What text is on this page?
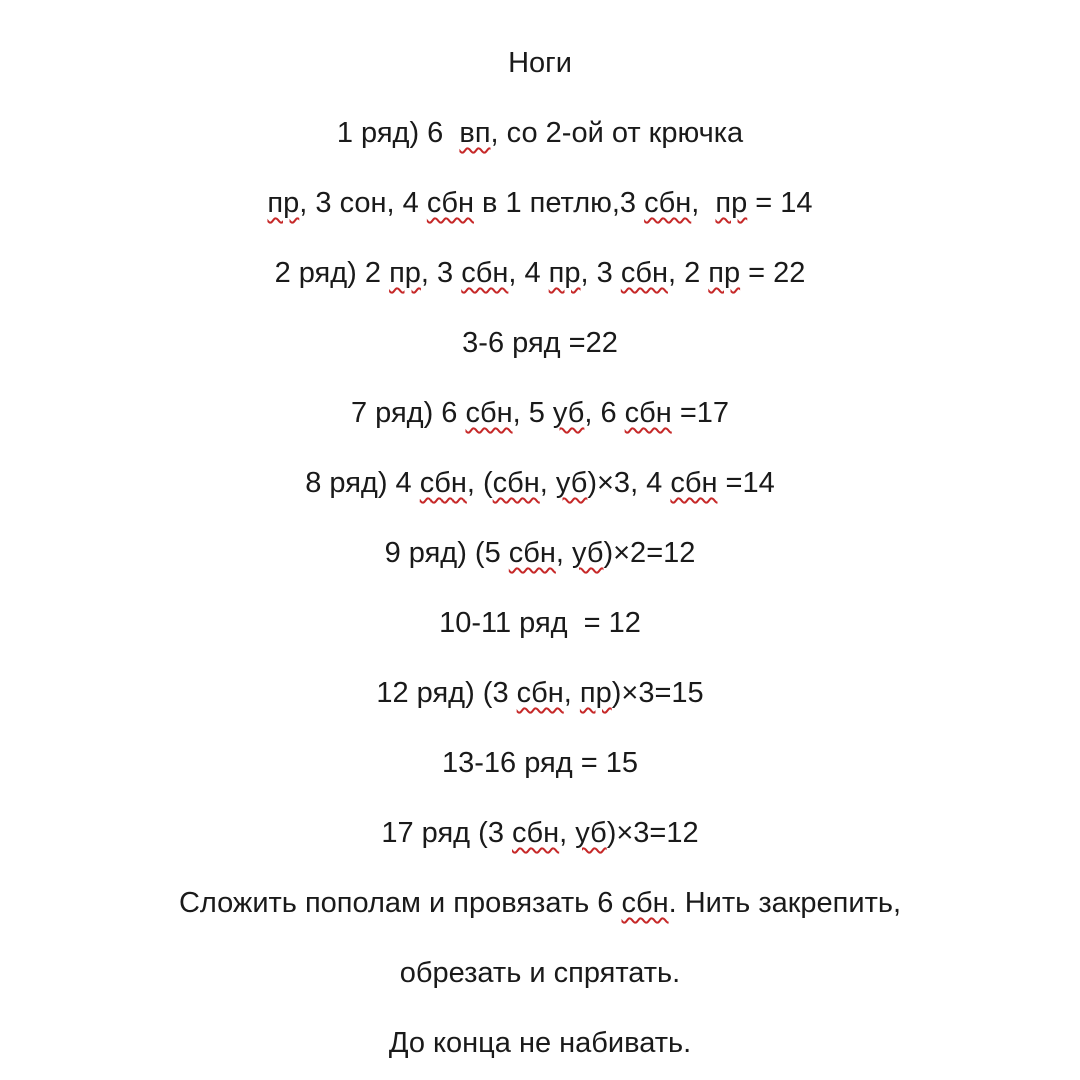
Ноги
1 ряд) 6  вп, со 2-ой от крючка
пр, 3 сон, 4 сбн в 1 петлю,3 сбн,  пр = 14
2 ряд) 2 пр, 3 сбн, 4 пр, 3 сбн, 2 пр = 22
3-6 ряд =22
7 ряд) 6 сбн, 5 уб, 6 сбн =17
8 ряд) 4 сбн, (сбн, уб)×3, 4 сбн =14
9 ряд) (5 сбн, уб)×2=12
10-11 ряд  = 12
12 ряд) (3 сбн, пр)×3=15
13-16 ряд = 15
17 ряд (3 сбн, уб)×3=12
Сложить пополам и провязать 6 сбн. Нить закрепить,
обрезать и спрятать.
До конца не набивать.
